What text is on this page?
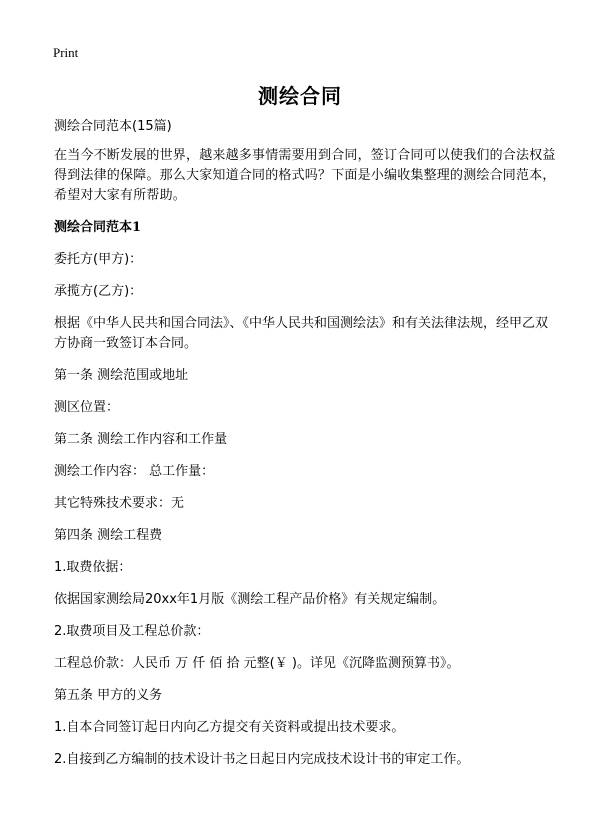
Print
测绘合同

测绘合同范本(15篇)

在当今不断发展的世界，越来越多事情需要用到合同，签订合同可以使我们的合法权益得到法律的保障。那么大家知道合同的格式吗？下面是小编收集整理的测绘合同范本，希望对大家有所帮助。

测绘合同范本1

委托方(甲方)：

承揽方(乙方)：

根据《中华人民共和国合同法》、《中华人民共和国测绘法》和有关法律法规，经甲乙双方协商一致签订本合同。

第一条 测绘范围或地址

测区位置：

第二条 测绘工作内容和工作量

测绘工作内容： 总工作量：

其它特殊技术要求：无

第四条 测绘工程费

1.取费依据：

依据国家测绘局20xx年1月版《测绘工程产品价格》有关规定编制。

2.取费项目及工程总价款：

工程总价款：人民币 万 仟 佰 拾 元整(￥ )。详见《沉降监测预算书》。

第五条 甲方的义务

1.自本合同签订起日内向乙方提交有关资料或提出技术要求。

2.自接到乙方编制的技术设计书之日起日内完成技术设计书的审定工作。
